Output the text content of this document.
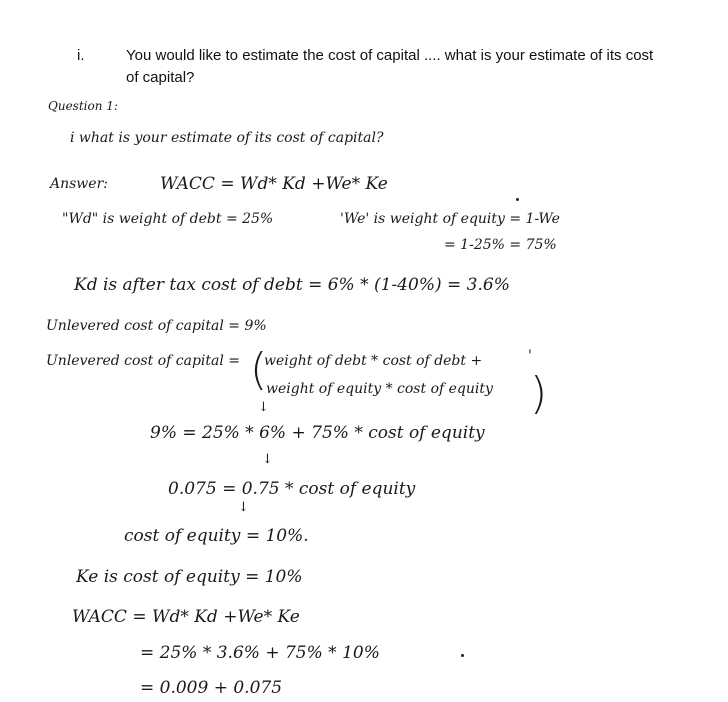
i.	You would like to estimate the cost of capital .... what is your estimate of its cost
of capital?
Question 1:
i what is your estimate of its cost of capital?
Answer:	WACC = Wd* Kd +We* Ke
"Wd" is weight of debt = 25%	'We' is weight of equity = 1-We
= 1-25% = 75%
Kd is after tax cost of debt = 6% * (1-40%) = 3.6%
Unlevered cost of capital = 9%
Unlevered cost of capital = (
weight of debt * cost of debt +	'
weight of equity * cost of equity )
↓
9% = 25% * 6% + 75% * cost of equity
↓
0.075 = 0.75 * cost of equity
↓
cost of equity = 10%.
Ke is cost of equity = 10%
WACC = Wd* Kd +We* Ke
= 25% * 3.6% + 75% * 10%
= 0.009 + 0.075
